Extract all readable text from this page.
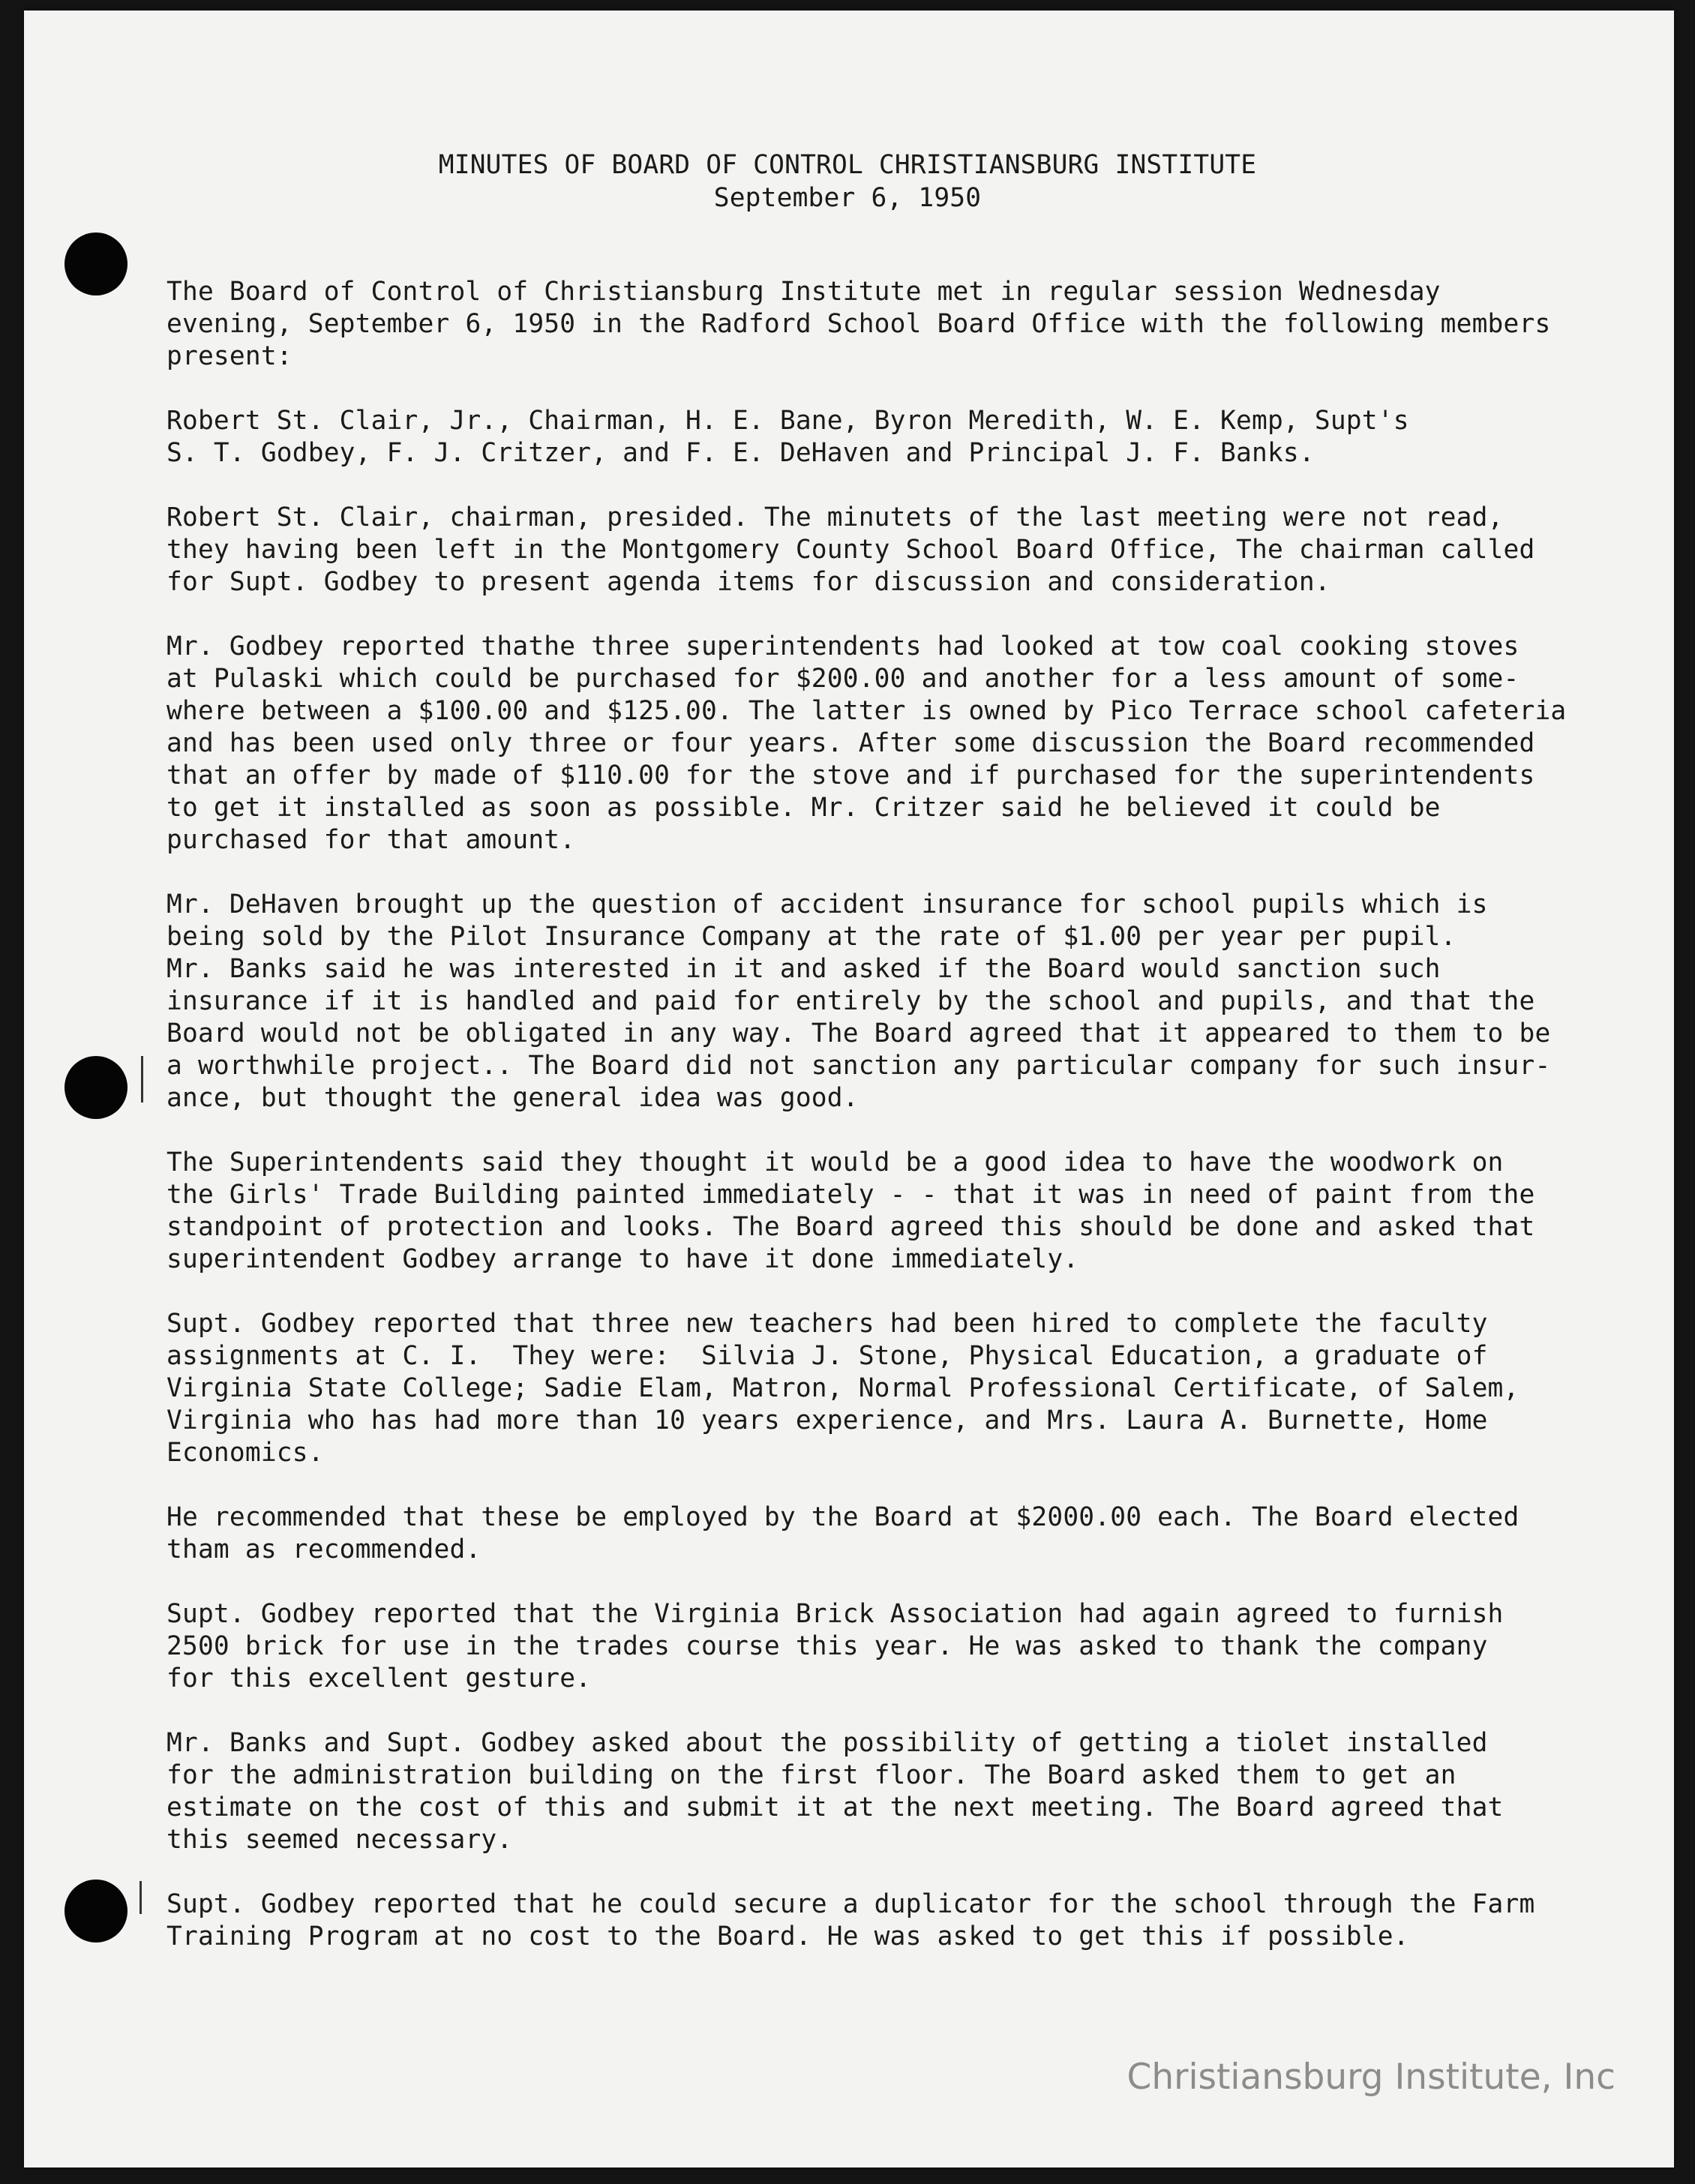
MINUTES OF BOARD OF CONTROL CHRISTIANSBURG INSTITUTE
September 6, 1950
The Board of Control of Christiansburg Institute met in regular session Wednesday
evening, September 6, 1950 in the Radford School Board Office with the following members
present:
Robert St. Clair, Jr., Chairman, H. E. Bane, Byron Meredith, W. E. Kemp, Supt's
S. T. Godbey, F. J. Critzer, and F. E. DeHaven and Principal J. F. Banks.
Robert St. Clair, chairman, presided. The minutets of the last meeting were not read,
they having been left in the Montgomery County School Board Office, The chairman called
for Supt. Godbey to present agenda items for discussion and consideration.
Mr. Godbey reported thathe three superintendents had looked at tow coal cooking stoves
at Pulaski which could be purchased for $200.00 and another for a less amount of some-
where between a $100.00 and $125.00. The latter is owned by Pico Terrace school cafeteria
and has been used only three or four years. After some discussion the Board recommended
that an offer by made of $110.00 for the stove and if purchased for the superintendents
to get it installed as soon as possible. Mr. Critzer said he believed it could be
purchased for that amount.
Mr. DeHaven brought up the question of accident insurance for school pupils which is
being sold by the Pilot Insurance Company at the rate of $1.00 per year per pupil.
Mr. Banks said he was interested in it and asked if the Board would sanction such
insurance if it is handled and paid for entirely by the school and pupils, and that the
Board would not be obligated in any way. The Board agreed that it appeared to them to be
a worthwhile project.. The Board did not sanction any particular company for such insur-
ance, but thought the general idea was good.
The Superintendents said they thought it would be a good idea to have the woodwork on
the Girls' Trade Building painted immediately - - that it was in need of paint from the
standpoint of protection and looks. The Board agreed this should be done and asked that
superintendent Godbey arrange to have it done immediately.
Supt. Godbey reported that three new teachers had been hired to complete the faculty
assignments at C. I.  They were:  Silvia J. Stone, Physical Education, a graduate of
Virginia State College; Sadie Elam, Matron, Normal Professional Certificate, of Salem,
Virginia who has had more than 10 years experience, and Mrs. Laura A. Burnette, Home
Economics.
He recommended that these be employed by the Board at $2000.00 each. The Board elected
tham as recommended.
Supt. Godbey reported that the Virginia Brick Association had again agreed to furnish
2500 brick for use in the trades course this year. He was asked to thank the company
for this excellent gesture.
Mr. Banks and Supt. Godbey asked about the possibility of getting a tiolet installed
for the administration building on the first floor. The Board asked them to get an
estimate on the cost of this and submit it at the next meeting. The Board agreed that
this seemed necessary.
Supt. Godbey reported that he could secure a duplicator for the school through the Farm
Training Program at no cost to the Board. He was asked to get this if possible.
Christiansburg Institute, Inc
